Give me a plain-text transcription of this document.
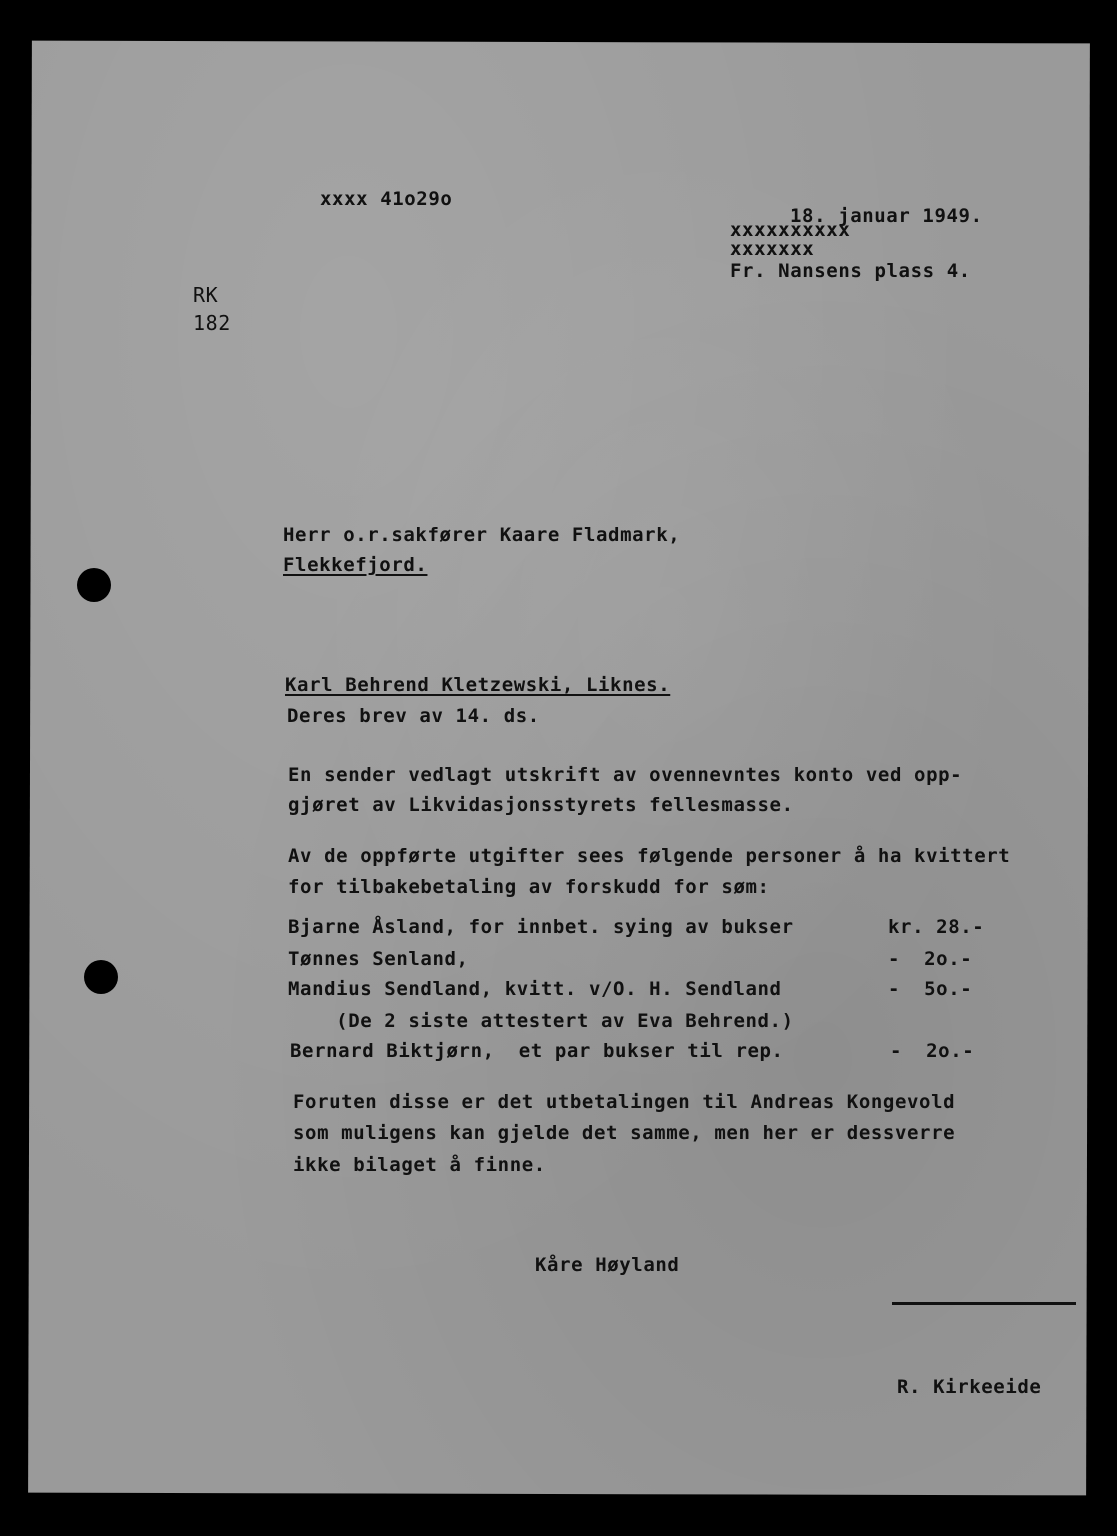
xxxx 41o29o
18. januar 1949.
xxxxxxxxxx
xxxxxxx
Fr. Nansens plass 4.
RK
182
Herr o.r.sakfører Kaare Fladmark,
Flekkefjord.
Karl Behrend Kletzewski, Liknes.
Deres brev av 14. ds.
En sender vedlagt utskrift av ovennevntes konto ved opp-
gjøret av Likvidasjonsstyrets fellesmasse.
Av de oppførte utgifter sees følgende personer å ha kvittert
for tilbakebetaling av forskudd for søm:
Bjarne Åsland, for innbet. sying av bukser	kr. 28.-
Tønnes Senland,	-  2o.-
Mandius Sendland, kvitt. v/O. H. Sendland	-  5o.-
(De 2 siste attestert av Eva Behrend.)
Bernard Biktjørn,  et par bukser til rep.	-  2o.-
Foruten disse er det utbetalingen til Andreas Kongevold
som muligens kan gjelde det samme, men her er dessverre
ikke bilaget å finne.
Kåre Høyland
R. Kirkeeide
